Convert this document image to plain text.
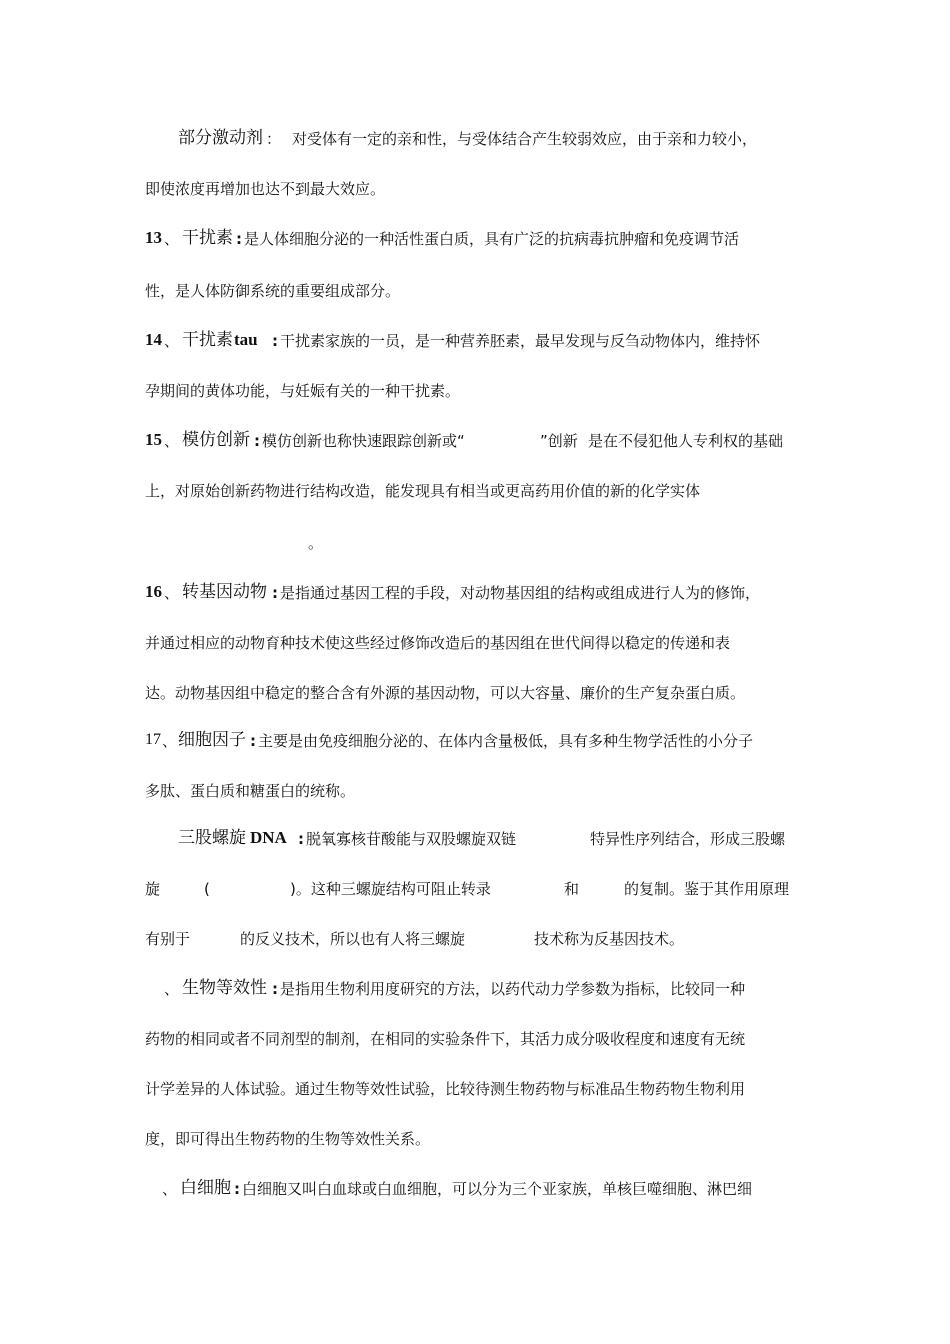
部分激动剂 ： 对受体有一定的亲和性，与受体结合产生较弱效应，由于亲和力较小，
即使浓度再增加也达不到最大效应。
13 、 干扰素 : 是人体细胞分泌的一种活性蛋白质，具有广泛的抗病毒抗肿瘤和免疫调节活
性，是人体防御系统的重要组成部分。
14 、 干扰素 tau : 干扰素家族的一员，是一种营养胚素，最早发现与反刍动物体内，维持怀
孕期间的黄体功能，与妊娠有关的一种干扰素。
15 、 模仿创新 : 模仿创新也称快速跟踪创新或“	”创新 是在不侵犯他人专利权的基础
上，对原始创新药物进行结构改造，能发现具有相当或更高药用价值的新的化学实体
。
16 、 转基因动物 : 是指通过基因工程的手段，对动物基因组的结构或组成进行人为的修饰，
并通过相应的动物育种技术使这些经过修饰改造后的基因组在世代间得以稳定的传递和表
达。动物基因组中稳定的整合含有外源的基因动物，可以大容量、廉价的生产复杂蛋白质。
17 、 细胞因子 : 主要是由免疫细胞分泌的、在体内含量极低，具有多种生物学活性的小分子
多肽、蛋白质和糖蛋白的统称。
三股螺旋 DNA : 脱氧寡核苷酸能与双股螺旋双链	特异性序列结合，形成三股螺
旋	(	)。这种三螺旋结构可阻止转录	和	的复制。鉴于其作用原理
有别于	的反义技术，所以也有人将三螺旋	技术称为反基因技术。
、 生物等效性 : 是指用生物利用度研究的方法，以药代动力学参数为指标，比较同一种
药物的相同或者不同剂型的制剂，在相同的实验条件下，其活力成分吸收程度和速度有无统
计学差异的人体试验。通过生物等效性试验，比较待测生物药物与标准品生物药物生物利用
度，即可得出生物药物的生物等效性关系。
、 白细胞 : 白细胞又叫白血球或白血细胞，可以分为三个亚家族，单核巨噬细胞、淋巴细
